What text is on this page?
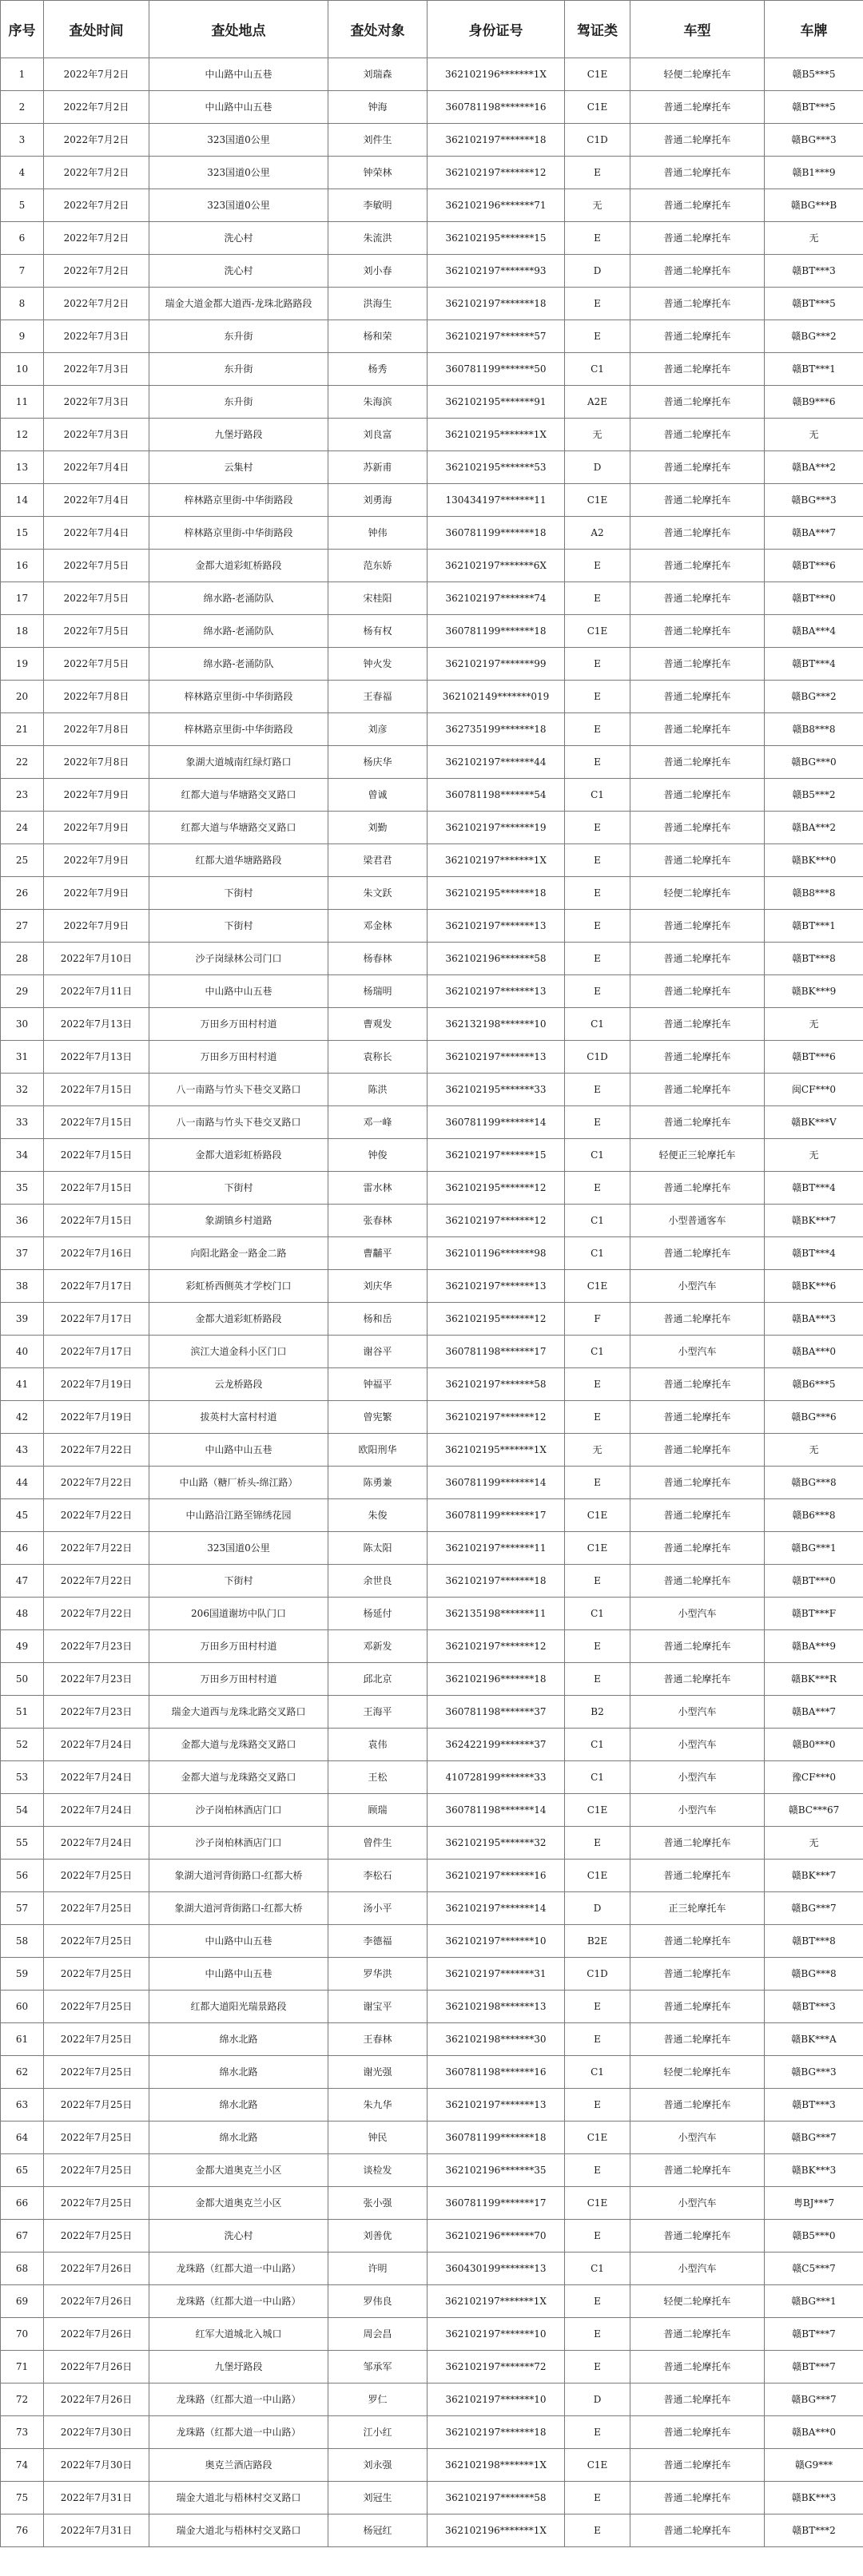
序号	查处时间	查处地点	查处对象	身份证号	驾证类	车型	车牌
1	2022年7月2日	中山路中山五巷	刘瑞森	362102196*******1X	C1E	轻便二轮摩托车	赣B5***5
2	2022年7月2日	中山路中山五巷	钟海	360781198*******16	C1E	普通二轮摩托车	赣BT***5
3	2022年7月2日	323国道0公里	刘件生	362102197*******18	C1D	普通二轮摩托车	赣BG***3
4	2022年7月2日	323国道0公里	钟荣林	362102197*******12	E	普通二轮摩托车	赣B1***9
5	2022年7月2日	323国道0公里	李敏明	362102196*******71	无	普通二轮摩托车	赣BG***B
6	2022年7月2日	洗心村	朱流洪	362102195*******15	E	普通二轮摩托车	无
7	2022年7月2日	洗心村	刘小春	362102197*******93	D	普通二轮摩托车	赣BT***3
8	2022年7月2日	瑞金大道金都大道西-龙珠北路路段	洪海生	362102197*******18	E	普通二轮摩托车	赣BT***5
9	2022年7月3日	东升街	杨和荣	362102197*******57	E	普通二轮摩托车	赣BG***2
10	2022年7月3日	东升街	杨秀	360781199*******50	C1	普通二轮摩托车	赣BT***1
11	2022年7月3日	东升街	朱海滨	362102195*******91	A2E	普通二轮摩托车	赣B9***6
12	2022年7月3日	九堡圩路段	刘良富	362102195*******1X	无	普通二轮摩托车	无
13	2022年7月4日	云集村	苏新甫	362102195*******53	D	普通二轮摩托车	赣BA***2
14	2022年7月4日	梓林路京里街-中华街路段	刘勇海	130434197*******11	C1E	普通二轮摩托车	赣BG***3
15	2022年7月4日	梓林路京里街-中华街路段	钟伟	360781199*******18	A2	普通二轮摩托车	赣BA***7
16	2022年7月5日	金都大道彩虹桥路段	范东娇	362102197*******6X	E	普通二轮摩托车	赣BT***6
17	2022年7月5日	绵水路-老涌防队	宋桂阳	362102197*******74	E	普通二轮摩托车	赣BT***0
18	2022年7月5日	绵水路-老涌防队	杨有权	360781199*******18	C1E	普通二轮摩托车	赣BA***4
19	2022年7月5日	绵水路-老涌防队	钟火发	362102197*******99	E	普通二轮摩托车	赣BT***4
20	2022年7月8日	梓林路京里街-中华街路段	王春福	362102149*******019	E	普通二轮摩托车	赣BG***2
21	2022年7月8日	梓林路京里街-中华街路段	刘彦	362735199*******18	E	普通二轮摩托车	赣B8***8
22	2022年7月8日	象湖大道城南红绿灯路口	杨庆华	362102197*******44	E	普通二轮摩托车	赣BG***0
23	2022年7月9日	红都大道与华塘路交叉路口	曾诚	360781198*******54	C1	普通二轮摩托车	赣B5***2
24	2022年7月9日	红都大道与华塘路交叉路口	刘勤	362102197*******19	E	普通二轮摩托车	赣BA***2
25	2022年7月9日	红都大道华塘路路段	梁君君	362102197*******1X	E	普通二轮摩托车	赣BK***0
26	2022年7月9日	下街村	朱文跃	362102195*******18	E	轻便二轮摩托车	赣B8***8
27	2022年7月9日	下街村	邓金林	362102197*******13	E	普通二轮摩托车	赣BT***1
28	2022年7月10日	沙子岗绿林公司门口	杨春林	362102196*******58	E	普通二轮摩托车	赣BT***8
29	2022年7月11日	中山路中山五巷	杨瑞明	362102197*******13	E	普通二轮摩托车	赣BK***9
30	2022年7月13日	万田乡万田村村道	曹观发	362132198*******10	C1	普通二轮摩托车	无
31	2022年7月13日	万田乡万田村村道	袁称长	362102197*******13	C1D	普通二轮摩托车	赣BT***6
32	2022年7月15日	八一南路与竹头下巷交叉路口	陈洪	362102195*******33	E	普通二轮摩托车	闽CF***0
33	2022年7月15日	八一南路与竹头下巷交叉路口	邓一峰	360781199*******14	E	普通二轮摩托车	赣BK***V
34	2022年7月15日	金都大道彩虹桥路段	钟俊	362102197*******15	C1	轻便正三轮摩托车	无
35	2022年7月15日	下街村	雷水林	362102195*******12	E	普通二轮摩托车	赣BT***4
36	2022年7月15日	象湖镇乡村道路	张春林	362102197*******12	C1	小型普通客车	赣BK***7
37	2022年7月16日	向阳北路金一路金二路	曹黼平	362101196*******98	C1	普通二轮摩托车	赣BT***4
38	2022年7月17日	彩虹桥西侧英才学校门口	刘庆华	362102197*******13	C1E	小型汽车	赣BK***6
39	2022年7月17日	金都大道彩虹桥路段	杨和岳	362102195*******12	F	普通二轮摩托车	赣BA***3
40	2022年7月17日	滨江大道金科小区门口	谢谷平	360781198*******17	C1	小型汽车	赣BA***0
41	2022年7月19日	云龙桥路段	钟福平	362102197*******58	E	普通二轮摩托车	赣B6***5
42	2022年7月19日	拔英村大富村村道	曾宪繁	362102197*******12	E	普通二轮摩托车	赣BG***6
43	2022年7月22日	中山路中山五巷	欧阳刑华	362102195*******1X	无	普通二轮摩托车	无
44	2022年7月22日	中山路（糖厂桥头-绵江路）	陈勇兼	360781199*******14	E	普通二轮摩托车	赣BG***8
45	2022年7月22日	中山路沿江路至锦绣花园	朱俊	360781199*******17	C1E	普通二轮摩托车	赣B6***8
46	2022年7月22日	323国道0公里	陈太阳	362102197*******11	C1E	普通二轮摩托车	赣BG***1
47	2022年7月22日	下街村	余世良	362102197*******18	E	普通二轮摩托车	赣BT***0
48	2022年7月22日	206国道谢坊中队门口	杨延付	362135198*******11	C1	小型汽车	赣BT***F
49	2022年7月23日	万田乡万田村村道	邓新发	362102197*******12	E	普通二轮摩托车	赣BA***9
50	2022年7月23日	万田乡万田村村道	邱北京	362102196*******18	E	普通二轮摩托车	赣BK***R
51	2022年7月23日	瑞金大道西与龙珠北路交叉路口	王海平	360781198*******37	B2	小型汽车	赣BA***7
52	2022年7月24日	金都大道与龙珠路交叉路口	袁伟	362422199*******37	C1	小型汽车	赣B0***0
53	2022年7月24日	金都大道与龙珠路交叉路口	王松	410728199*******33	C1	小型汽车	豫CF***0
54	2022年7月24日	沙子岗柏林酒店门口	顾瑞	360781198*******14	C1E	小型汽车	赣BC***67
55	2022年7月24日	沙子岗柏林酒店门口	曾件生	362102195*******32	E	普通二轮摩托车	无
56	2022年7月25日	象湖大道河背街路口-红都大桥	李松石	362102197*******16	C1E	普通二轮摩托车	赣BK***7
57	2022年7月25日	象湖大道河背街路口-红都大桥	汤小平	362102197*******14	D	正三轮摩托车	赣BG***7
58	2022年7月25日	中山路中山五巷	李德福	362102197*******10	B2E	普通二轮摩托车	赣BT***8
59	2022年7月25日	中山路中山五巷	罗华洪	362102197*******31	C1D	普通二轮摩托车	赣BG***8
60	2022年7月25日	红都大道阳光瑞景路段	谢宝平	362102198*******13	E	普通二轮摩托车	赣BT***3
61	2022年7月25日	绵水北路	王春林	362102198*******30	E	普通二轮摩托车	赣BK***A
62	2022年7月25日	绵水北路	谢光强	360781198*******16	C1	轻便二轮摩托车	赣BG***3
63	2022年7月25日	绵水北路	朱九华	362102197*******13	E	普通二轮摩托车	赣BT***3
64	2022年7月25日	绵水北路	钟民	360781199*******18	C1E	小型汽车	赣BG***7
65	2022年7月25日	金都大道奥克兰小区	谈检发	362102196*******35	E	普通二轮摩托车	赣BK***3
66	2022年7月25日	金都大道奥克兰小区	张小强	360781199*******17	C1E	小型汽车	粤BJ***7
67	2022年7月25日	洗心村	刘善优	362102196*******70	E	普通二轮摩托车	赣B5***0
68	2022年7月26日	龙珠路（红都大道一中山路）	许明	360430199*******13	C1	小型汽车	赣C5***7
69	2022年7月26日	龙珠路（红都大道一中山路）	罗伟良	362102197*******1X	E	轻便二轮摩托车	赣BG***1
70	2022年7月26日	红军大道城北入城口	周会昌	362102197*******10	E	普通二轮摩托车	赣BT***7
71	2022年7月26日	九堡圩路段	邹承军	362102197*******72	E	普通二轮摩托车	赣BT***7
72	2022年7月26日	龙珠路（红都大道一中山路）	罗仁	362102197*******10	D	普通二轮摩托车	赣BG***7
73	2022年7月30日	龙珠路（红都大道一中山路）	江小红	362102197*******18	E	普通二轮摩托车	赣BA***0
74	2022年7月30日	奥克兰酒店路段	刘永强	362102198*******1X	C1E	普通二轮摩托车	赣G9***
75	2022年7月31日	瑞金大道北与梧林村交叉路口	刘冠生	362102197*******58	E	普通二轮摩托车	赣BK***3
76	2022年7月31日	瑞金大道北与梧林村交叉路口	杨冠红	362102196*******1X	E	普通二轮摩托车	赣BT***2
